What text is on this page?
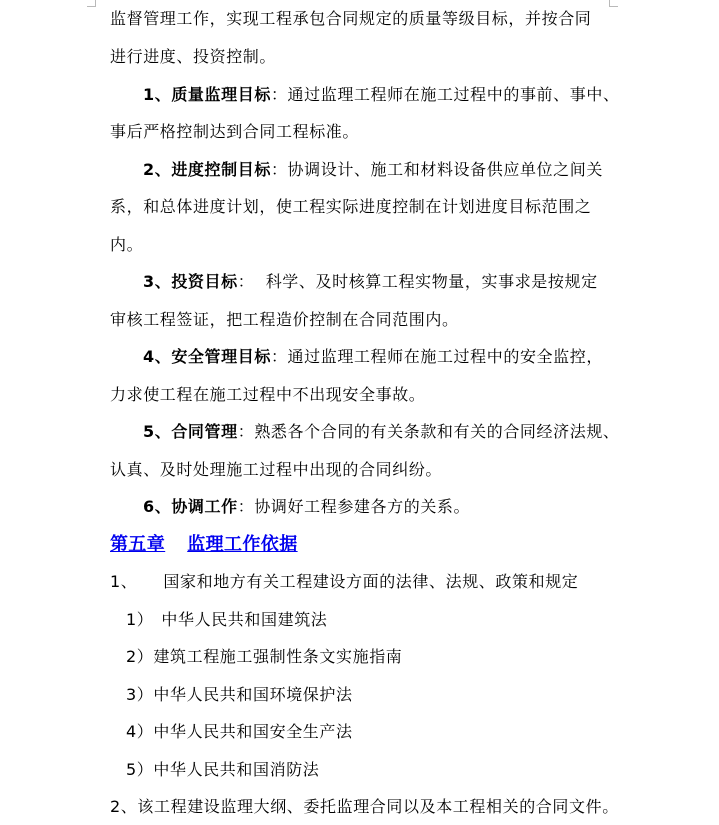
监督管理工作，实现工程承包合同规定的质量等级目标，并按合同
进行进度、投资控制。
1、质量监理目标：通过监理工程师在施工过程中的事前、事中、
事后严格控制达到合同工程标准。
2、进度控制目标：协调设计、施工和材料设备供应单位之间关
系，和总体进度计划，使工程实际进度控制在计划进度目标范围之
内。
3、投资目标：  科学、及时核算工程实物量，实事求是按规定
审核工程签证，把工程造价控制在合同范围内。
4、安全管理目标：通过监理工程师在施工过程中的安全监控，
力求使工程在施工过程中不出现安全事故。
5、合同管理：熟悉各个合同的有关条款和有关的合同经济法规、
认真、及时处理施工过程中出现的合同纠纷。
6、协调工作：协调好工程参建各方的关系。
第五章 监理工作依据
1、 国家和地方有关工程建设方面的法律、法规、政策和规定
1） 中华人民共和国建筑法
2）建筑工程施工强制性条文实施指南
3）中华人民共和国环境保护法
4）中华人民共和国安全生产法
5）中华人民共和国消防法
2、该工程建设监理大纲、委托监理合同以及本工程相关的合同文件。
